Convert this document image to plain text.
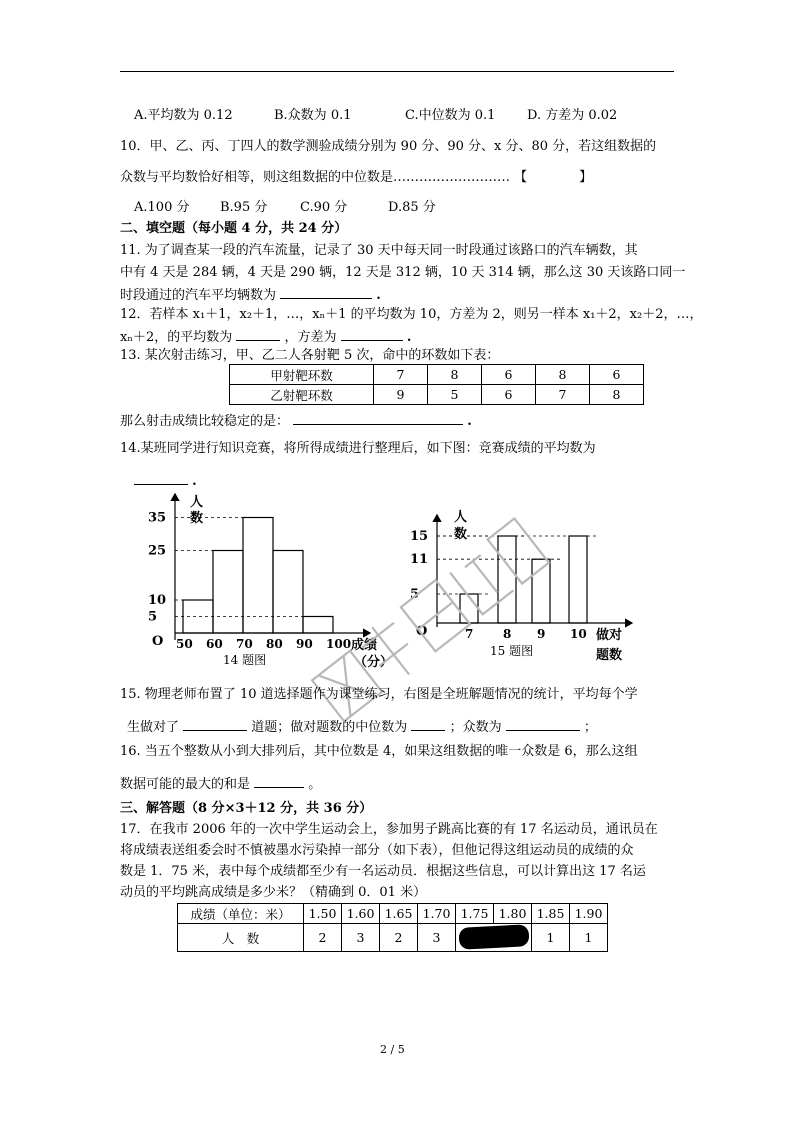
A.平均数为 0.12	B.众数为 0.1	C.中位数为 0.1 D. 方差为 0.02
10．甲、乙、丙、丁四人的数学测验成绩分别为 90 分、90 分、x 分、80 分，若这组数据的
众数与平均数恰好相等，则这组数据的中位数是……………………… 【　　　　】
A.100 分 B.95 分	C.90 分	D.85 分
二、填空题（每小题 4 分，共 24 分）
11. 为了调查某一段的汽车流量，记录了 30 天中每天同一时段通过该路口的汽车辆数，其
中有 4 天是 284 辆，4 天是 290 辆，12 天是 312 辆，10 天 314 辆，那么这 30 天该路口同一
时段通过的汽车平均辆数为	.
12．若样本 x₁＋1，x₂＋1，…，xₙ＋1 的平均数为 10，方差为 2，则另一样本 x₁＋2，x₂＋2，…，
xₙ＋2，的平均数为	，方差为	.
13. 某次射击练习，甲、乙二人各射靶 5 次，命中的环数如下表：
甲射靶环数	7	8	6	8	6
乙射靶环数	9	5	6	7	8
那么射击成绩比较稳定的是：	.
14.某班同学进行知识竞赛，将所得成绩进行整理后，如下图：竞赛成绩的平均数为
.
O
人 数
成绩 （分）
14 题图
5
10
25
35
50 60 70 80 90 100
O
人 数
做对 题数
15 题图
5
11
15
7 8 9 10
15. 物理老师布置了 10 道选择题作为课堂练习，右图是全班解题情况的统计，平均每个学
生做对了	道题；做对题数的中位数为	；众数为	；
16. 当五个整数从小到大排列后，其中位数是 4，如果这组数据的唯一众数是 6，那么这组
数据可能的最大的和是	。
三、解答题（8 分×3＋12 分，共 36 分）
17．在我市 2006 年的一次中学生运动会上，参加男子跳高比赛的有 17 名运动员，通讯员在
将成绩表送组委会时不慎被墨水污染掉一部分（如下表），但他记得这组运动员的成绩的众
数是 1．75 米，表中每个成绩都至少有一名运动员．根据这些信息，可以计算出这 17 名运
动员的平均跳高成绩是多少米？（精确到 0．01 米）
成绩（单位：米）	1.50	1.60	1.65	1.70	1.75	1.80	1.85	1.90
人　数	2	3	2	3			1	1
2 / 5
